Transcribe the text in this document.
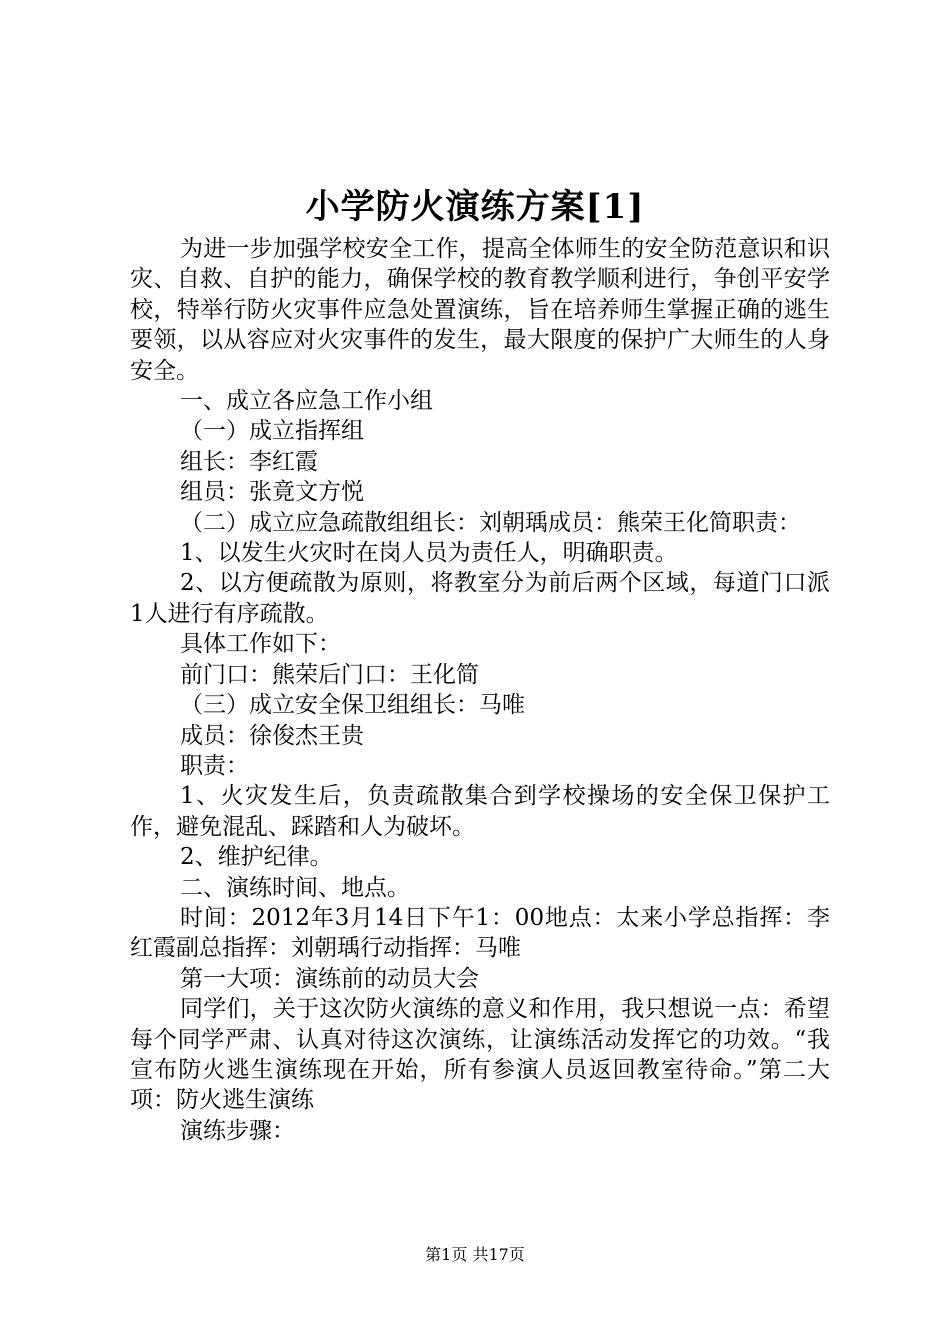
小学防火演练方案[1]

为进一步加强学校安全工作，提高全体师生的安全防范意识和识灾、自救、自护的能力，确保学校的教育教学顺利进行，争创平安学校，特举行防火灾事件应急处置演练，旨在培养师生掌握正确的逃生要领，以从容应对火灾事件的发生，最大限度的保护广大师生的人身安全。

一、成立各应急工作小组

（一）成立指挥组

组长：李红霞

组员：张竟文方悦

（二）成立应急疏散组组长：刘朝瑀成员：熊荣王化简职责：

1、以发生火灾时在岗人员为责任人，明确职责。

2、以方便疏散为原则，将教室分为前后两个区域，每道门口派1人进行有序疏散。

具体工作如下：

前门口：熊荣后门口：王化简

（三）成立安全保卫组组长：马唯

成员：徐俊杰王贵

职责：

1、火灾发生后，负责疏散集合到学校操场的安全保卫保护工作，避免混乱、踩踏和人为破坏。

2、维护纪律。

二、演练时间、地点。

时间：2012年3月14日下午1：00地点：太来小学总指挥：李红霞副总指挥：刘朝瑀行动指挥：马唯

第一大项：演练前的动员大会

同学们，关于这次防火演练的意义和作用，我只想说一点：希望每个同学严肃、认真对待这次演练，让演练活动发挥它的功效。“我宣布防火逃生演练现在开始，所有参演人员返回教室待命。”第二大项：防火逃生演练

演练步骤：

第1页 共17页
